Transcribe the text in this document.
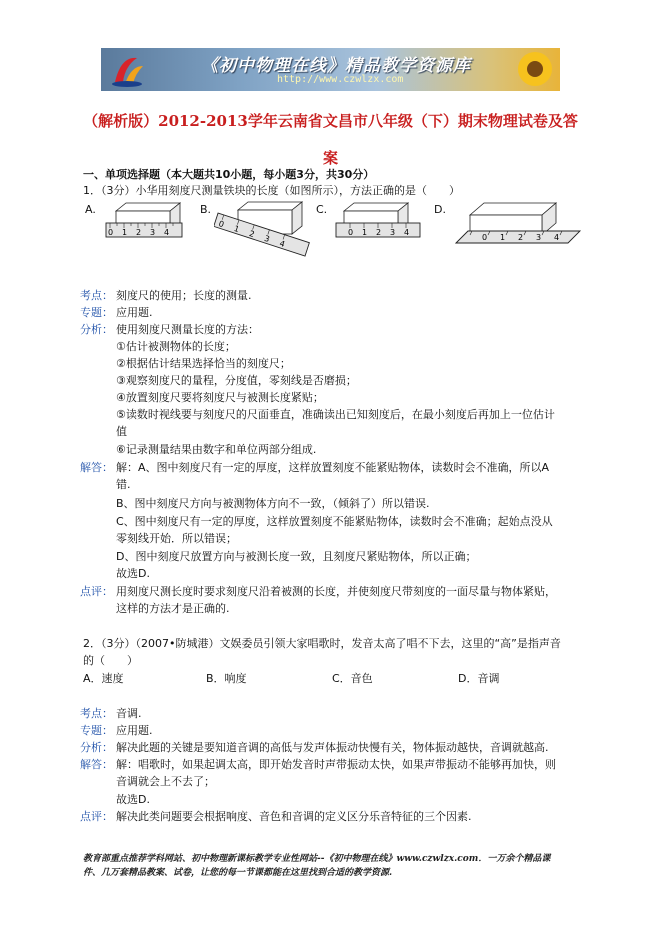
《初中物理在线》精品教学资源库
http://www.czwlzx.com
（解析版）2012-2013学年云南省文昌市八年级（下）期末物理试卷及答
案
一、单项选择题（本大题共10小题，每小题3分，共30分）
1．（3分）小华用刻度尺测量铁块的长度（如图所示），方法正确的是（　　）
A.	B.	C.	D.
0 1 2 3 4
0 1 2 3 4
0 1 2 3 4
0 1 2 3 4
考点： 刻度尺的使用；长度的测量.
专题： 应用题.
分析： 使用刻度尺测量长度的方法：
①估计被测物体的长度；
②根据估计结果选择恰当的刻度尺；
③观察刻度尺的量程，分度值，零刻线是否磨损；
④放置刻度尺要将刻度尺与被测长度紧贴；
⑤读数时视线要与刻度尺的尺面垂直，准确读出已知刻度后，在最小刻度后再加上一位估计
值
⑥记录测量结果由数字和单位两部分组成.
解答： 解：A、图中刻度尺有一定的厚度，这样放置刻度不能紧贴物体，读数时会不准确，所以A
错.
B、图中刻度尺方向与被测物体方向不一致，（倾斜了）所以错误.
C、图中刻度尺有一定的厚度，这样放置刻度不能紧贴物体，读数时会不准确；起始点没从
零刻线开始．所以错误；
D、图中刻度尺放置方向与被测长度一致，且刻度尺紧贴物体，所以正确；
故选D.
点评： 用刻度尺测长度时要求刻度尺沿着被测的长度，并使刻度尺带刻度的一面尽量与物体紧贴，
这样的方法才是正确的.
2．（3分）（2007•防城港）文娱委员引领大家唱歌时，发音太高了唱不下去，这里的“高”是指声音
的（　　）
A．速度	B．响度	C．音色	D．音调
考点： 音调.
专题： 应用题.
分析： 解决此题的关键是要知道音调的高低与发声体振动快慢有关，物体振动越快，音调就越高.
解答： 解：唱歌时，如果起调太高，即开始发音时声带振动太快，如果声带振动不能够再加快，则
音调就会上不去了；
故选D.
点评： 解决此类问题要会根据响度、音色和音调的定义区分乐音特征的三个因素.
教育部重点推荐学科网站、初中物理新课标教学专业性网站--《初中物理在线》www.czwlzx.com．一万余个精品课
件、几万套精品教案、试卷，让您的每一节课都能在这里找到合适的教学资源.
